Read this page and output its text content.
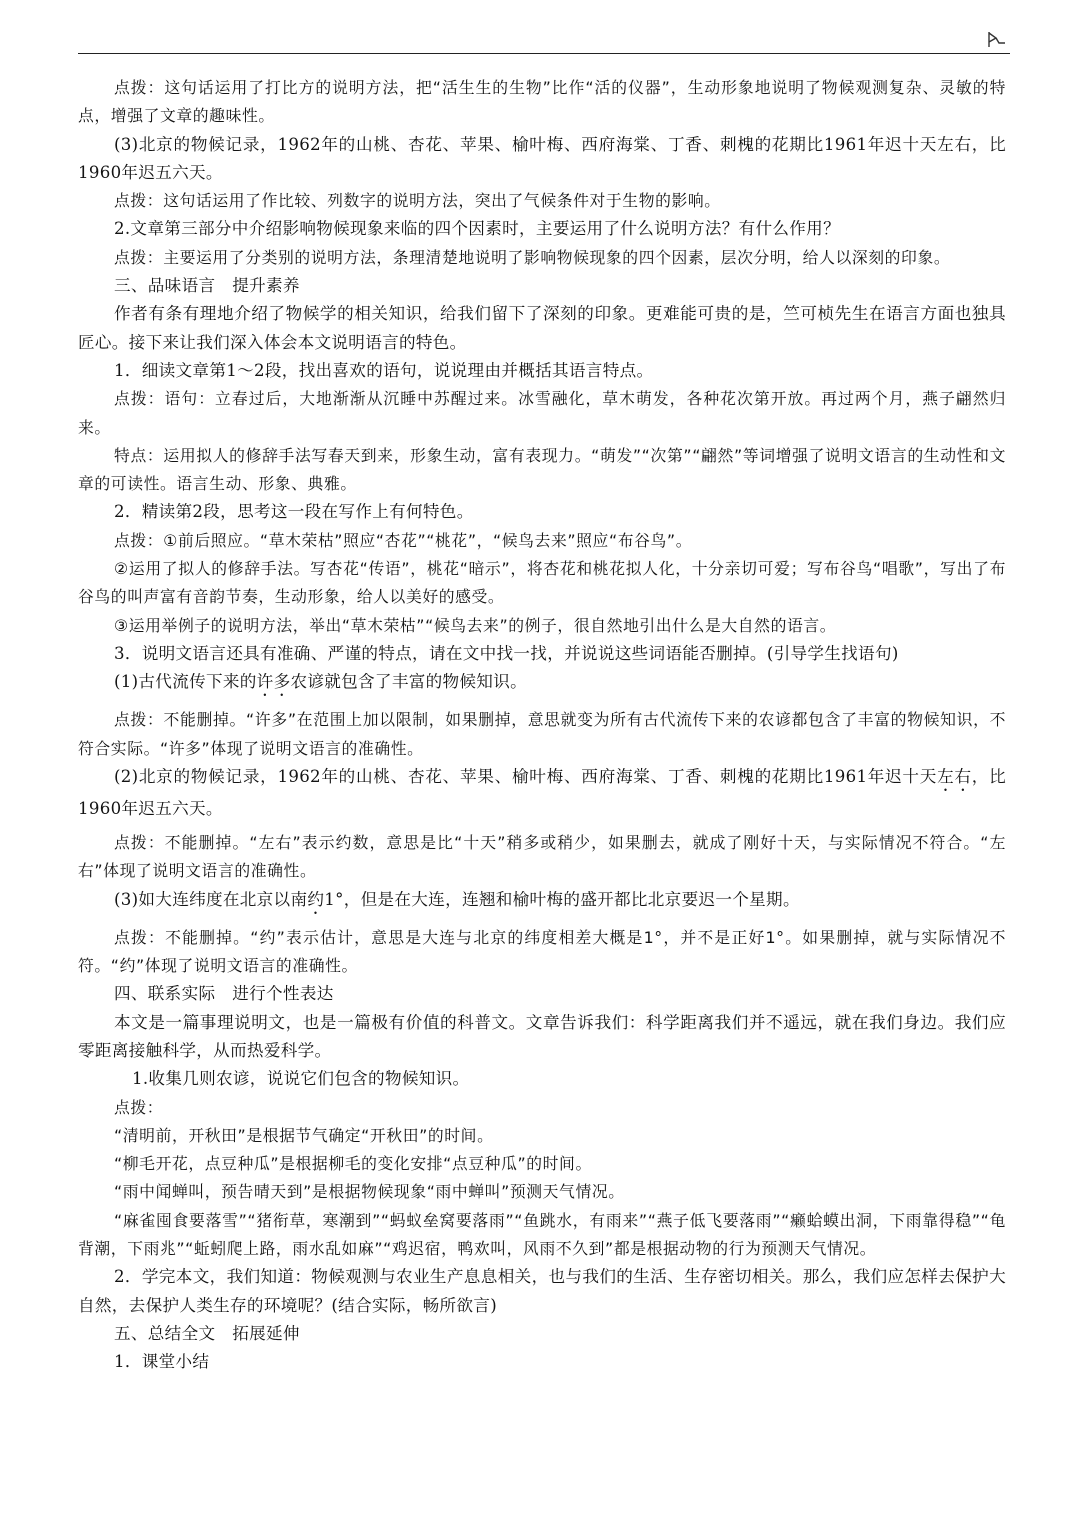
点拨：这句话运用了打比方的说明方法，把“活生生的生物”比作“活的仪器”，生动形象地说明了物候观测复杂、灵敏的特点，增强了文章的趣味性。

(3)北京的物候记录，1962年的山桃、杏花、苹果、榆叶梅、西府海棠、丁香、刺槐的花期比1961年迟十天左右，比1960年迟五六天。

点拨：这句话运用了作比较、列数字的说明方法，突出了气候条件对于生物的影响。

2.文章第三部分中介绍影响物候现象来临的四个因素时，主要运用了什么说明方法？有什么作用？

点拨：主要运用了分类别的说明方法，条理清楚地说明了影响物候现象的四个因素，层次分明，给人以深刻的印象。

三、品味语言　提升素养

作者有条有理地介绍了物候学的相关知识，给我们留下了深刻的印象。更难能可贵的是，竺可桢先生在语言方面也独具匠心。接下来让我们深入体会本文说明语言的特色。

1．细读文章第1～2段，找出喜欢的语句，说说理由并概括其语言特点。

点拨：语句：立春过后，大地渐渐从沉睡中苏醒过来。冰雪融化，草木萌发，各种花次第开放。再过两个月，燕子翩然归来。

特点：运用拟人的修辞手法写春天到来，形象生动，富有表现力。“萌发”“次第”“翩然”等词增强了说明文语言的生动性和文章的可读性。语言生动、形象、典雅。

2．精读第2段，思考这一段在写作上有何特色。

点拨：①前后照应。“草木荣枯”照应“杏花”“桃花”，“候鸟去来”照应“布谷鸟”。

②运用了拟人的修辞手法。写杏花“传语”，桃花“暗示”，将杏花和桃花拟人化，十分亲切可爱；写布谷鸟“唱歌”，写出了布谷鸟的叫声富有音韵节奏，生动形象，给人以美好的感受。

③运用举例子的说明方法，举出“草木荣枯”“候鸟去来”的例子，很自然地引出什么是大自然的语言。

3．说明文语言还具有准确、严谨的特点，请在文中找一找，并说说这些词语能否删掉。(引导学生找语句)

(1)古代流传下来的许多农谚就包含了丰富的物候知识。

点拨：不能删掉。“许多”在范围上加以限制，如果删掉，意思就变为所有古代流传下来的农谚都包含了丰富的物候知识，不符合实际。“许多”体现了说明文语言的准确性。

(2)北京的物候记录，1962年的山桃、杏花、苹果、榆叶梅、西府海棠、丁香、刺槐的花期比1961年迟十天左右，比1960年迟五六天。

点拨：不能删掉。“左右”表示约数，意思是比“十天”稍多或稍少，如果删去，就成了刚好十天，与实际情况不符合。“左右”体现了说明文语言的准确性。

(3)如大连纬度在北京以南约1°，但是在大连，连翘和榆叶梅的盛开都比北京要迟一个星期。

点拨：不能删掉。“约”表示估计，意思是大连与北京的纬度相差大概是1°，并不是正好1°。如果删掉，就与实际情况不符。“约”体现了说明文语言的准确性。

四、联系实际　进行个性表达

本文是一篇事理说明文，也是一篇极有价值的科普文。文章告诉我们：科学距离我们并不遥远，就在我们身边。我们应零距离接触科学，从而热爱科学。

1.收集几则农谚，说说它们包含的物候知识。

点拨：

“清明前，开秋田”是根据节气确定“开秋田”的时间。

“柳毛开花，点豆种瓜”是根据柳毛的变化安排“点豆种瓜”的时间。

“雨中闻蝉叫，预告晴天到”是根据物候现象“雨中蝉叫”预测天气情况。

“麻雀囤食要落雪”“猪衔草，寒潮到”“蚂蚁垒窝要落雨”“鱼跳水，有雨来”“燕子低飞要落雨”“癞蛤蟆出洞，下雨靠得稳”“龟背潮，下雨兆”“蚯蚓爬上路，雨水乱如麻”“鸡迟宿，鸭欢叫，风雨不久到”都是根据动物的行为预测天气情况。

2．学完本文，我们知道：物候观测与农业生产息息相关，也与我们的生活、生存密切相关。那么，我们应怎样去保护大自然，去保护人类生存的环境呢？(结合实际，畅所欲言)

五、总结全文　拓展延伸

1．课堂小结
